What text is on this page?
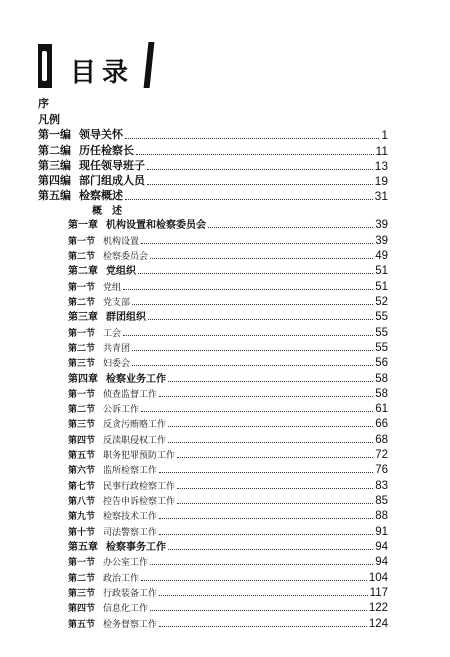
目录
序
凡例
第一编 领导关怀	1
第二编 历任检察长	11
第三编 现任领导班子	13
第四编 部门组成人员	19
第五编 检察概述	31
概　述
第一章 机构设置和检察委员会	39
第一节 机构设置	39
第二节 检察委员会	49
第二章 党组织	51
第一节 党组	51
第二节 党支部	52
第三章 群团组织	55
第一节 工会	55
第二节 共青团	55
第三节 妇委会	56
第四章 检察业务工作	58
第一节 侦查监督工作	58
第二节 公诉工作	61
第三节 反贪污贿赂工作	66
第四节 反渎职侵权工作	68
第五节 职务犯罪预防工作	72
第六节 监所检察工作	76
第七节 民事行政检察工作	83
第八节 控告申诉检察工作	85
第九节 检察技术工作	88
第十节 司法警察工作	91
第五章 检察事务工作	94
第一节 办公室工作	94
第二节 政治工作	104
第三节 行政装备工作	117
第四节 信息化工作	122
第五节 检务督察工作	124
